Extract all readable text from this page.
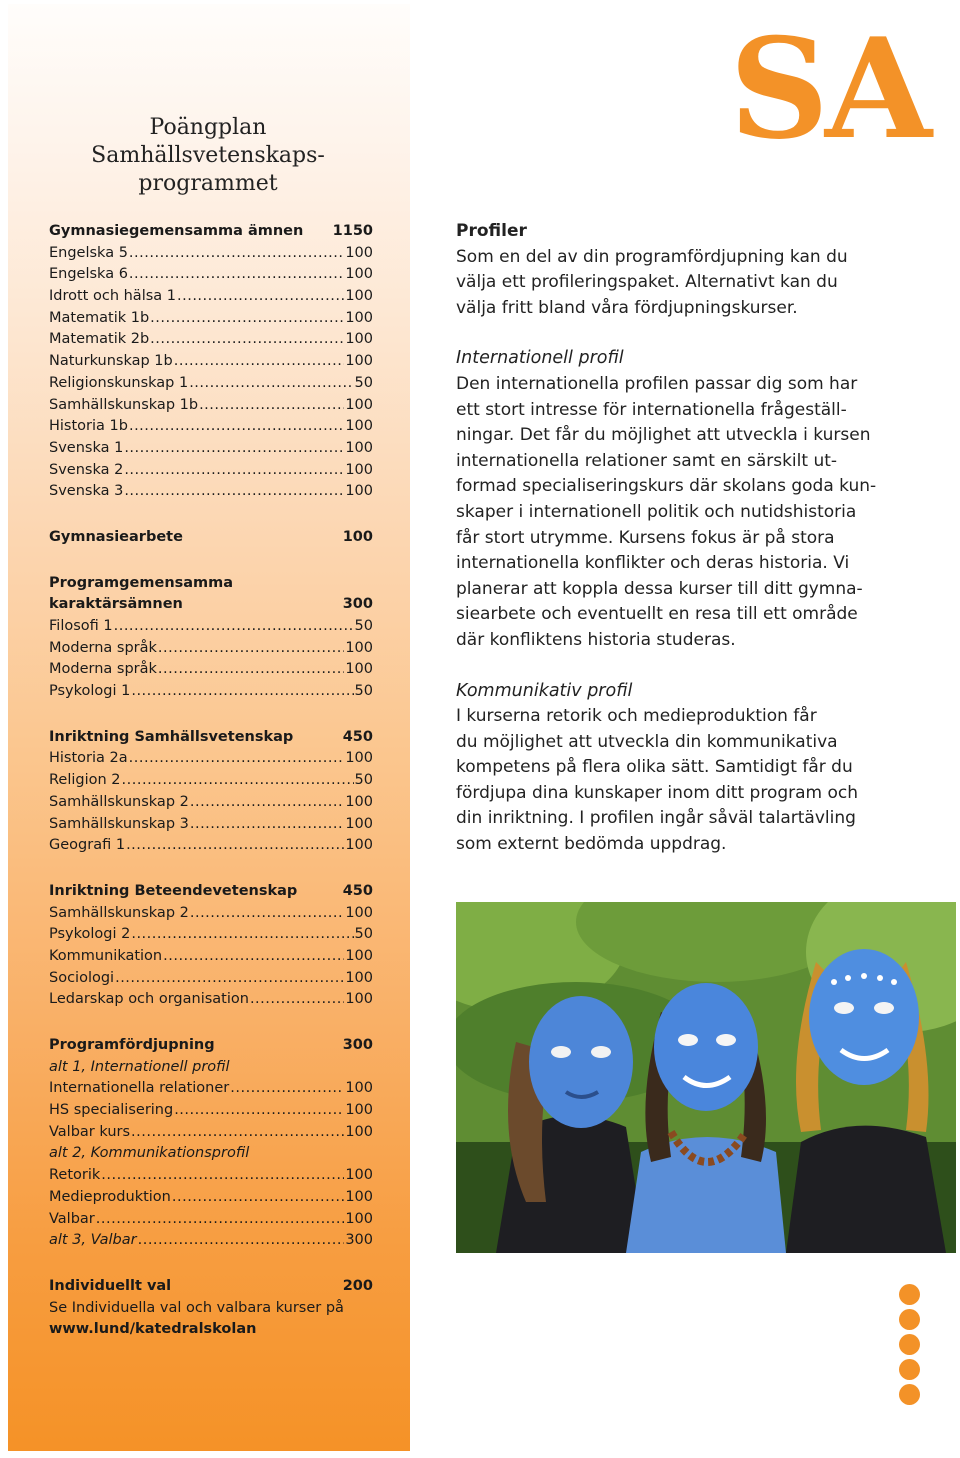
Poängplan
Samhällsvetenskaps-
programmet
Gymnasiegemensamma ämnen 1150
Engelska 5 .....	100
Engelska 6 .....	100
Idrott och hälsa 1 .....	100
Matematik 1b .....	100
Matematik 2b .....	100
Naturkunskap 1b .....	100
Religionskunskap 1 .....	50
Samhällskunskap 1b .....	100
Historia 1b .....	100
Svenska 1 .....	100
Svenska 2 .....	100
Svenska 3 .....	100
Gymnasiearbete	100
Programgemensamma
karaktärsämnen	300
Filosofi 1 .....	50
Moderna språk .....	100
Moderna språk .....	100
Psykologi 1 .....	50
Inriktning Samhällsvetenskap	450
Historia 2a .....	100
Religion 2 .....	50
Samhällskunskap 2 .....	100
Samhällskunskap 3 .....	100
Geografi 1 .....	100
Inriktning Beteendevetenskap	450
Samhällskunskap 2 .....	100
Psykologi 2 .....	50
Kommunikation .....	100
Sociologi .....	100
Ledarskap och organisation .....	100
Programfördjupning	300
alt 1, Internationell profil
Internationella relationer .....	100
HS specialisering .....	100
Valbar kurs .....	100
alt 2, Kommunikationsprofil
Retorik .....	100
Medieproduktion .....	100
Valbar .....	100
alt 3, Valbar .....	300
Individuellt val	200
Se Individuella val och valbara kurser på
www.lund/katedralskolan
SA
Profiler
Som en del av din programfördjupning kan du
välja ett profileringspaket. Alternativt kan du
välja fritt bland våra fördjupningskurser.
Internationell profil
Den internationella profilen passar dig som har
ett stort intresse för internationella frågeställ-
ningar. Det får du möjlighet att utveckla i kursen
internationella relationer samt en särskilt ut-
formad specialiseringskurs där skolans goda kun-
skaper i internationell politik och nutidshistoria
får stort utrymme. Kursens fokus är på stora
internationella konflikter och deras historia. Vi
planerar att koppla dessa kurser till ditt gymna-
siearbete och eventuellt en resa till ett område
där konfliktens historia studeras.
Kommunikativ profil
I kurserna retorik och medieproduktion får
du möjlighet att utveckla din kommunikativa
kompetens på flera olika sätt. Samtidigt får du
fördjupa dina kunskaper inom ditt program och
din inriktning. I profilen ingår såväl talartävling
som externt bedömda uppdrag.
